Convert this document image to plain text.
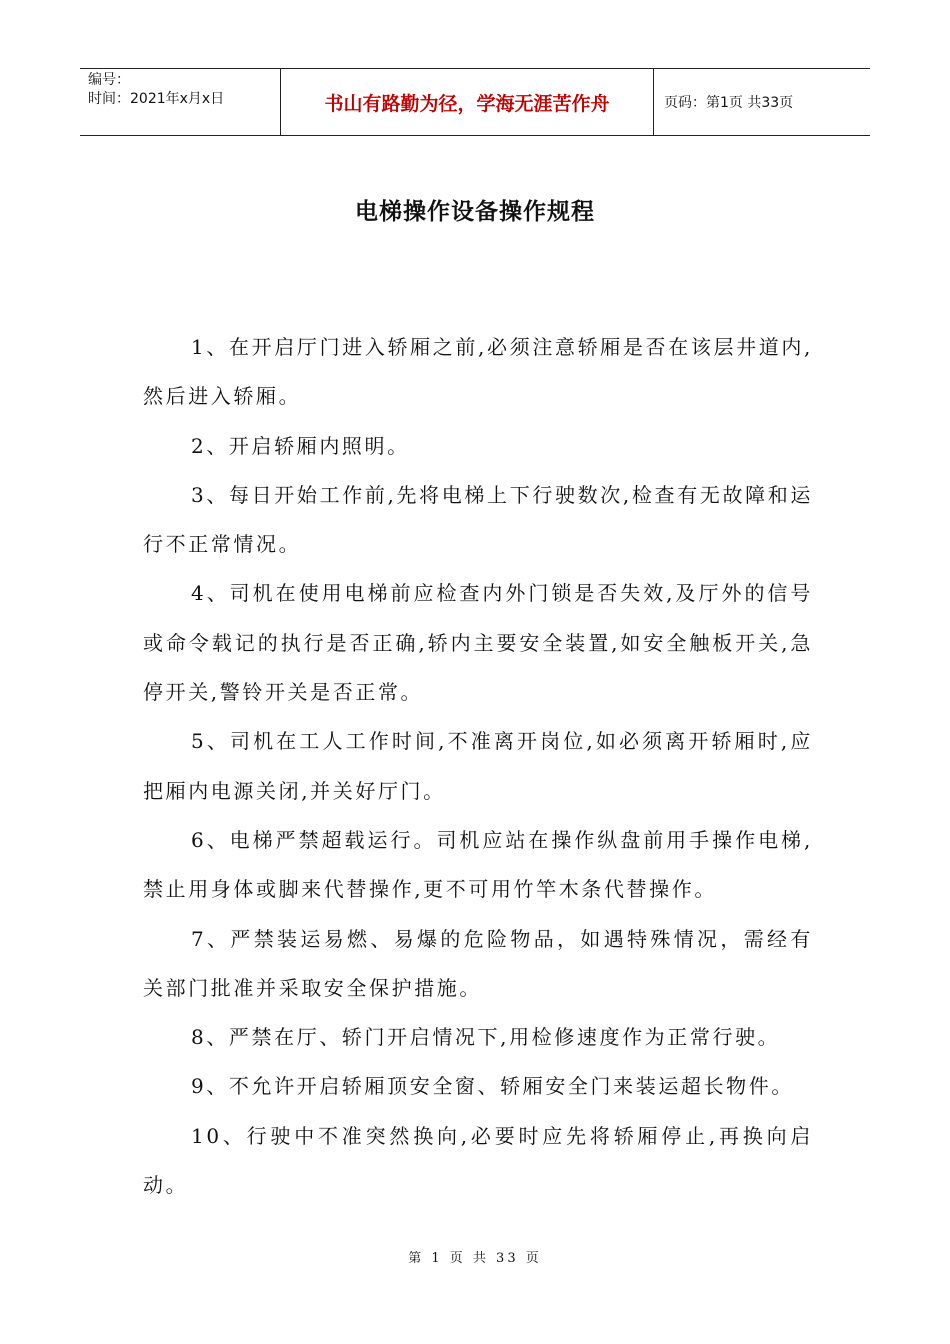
编号：
时间：2021年x月x日	书山有路勤为径，学海无涯苦作舟	页码：第1页 共33页
电梯操作设备操作规程

1、在开启厅门进入轿厢之前,必须注意轿厢是否在该层井道内,然后进入轿厢。

2、开启轿厢内照明。

3、每日开始工作前,先将电梯上下行驶数次,检查有无故障和运行不正常情况。

4、司机在使用电梯前应检查内外门锁是否失效,及厅外的信号或命令载记的执行是否正确,轿内主要安全装置,如安全触板开关,急停开关,警铃开关是否正常。

5、司机在工人工作时间,不准离开岗位,如必须离开轿厢时,应把厢内电源关闭,并关好厅门。

6、电梯严禁超载运行。司机应站在操作纵盘前用手操作电梯,禁止用身体或脚来代替操作,更不可用竹竿木条代替操作。

7、严禁装运易燃、易爆的危险物品，如遇特殊情况，需经有关部门批准并采取安全保护措施。

8、严禁在厅、轿门开启情况下,用检修速度作为正常行驶。

9、不允许开启轿厢顶安全窗、轿厢安全门来装运超长物件。

10、行驶中不准突然换向,必要时应先将轿厢停止,再换向启动。

第 1 页 共 33 页
